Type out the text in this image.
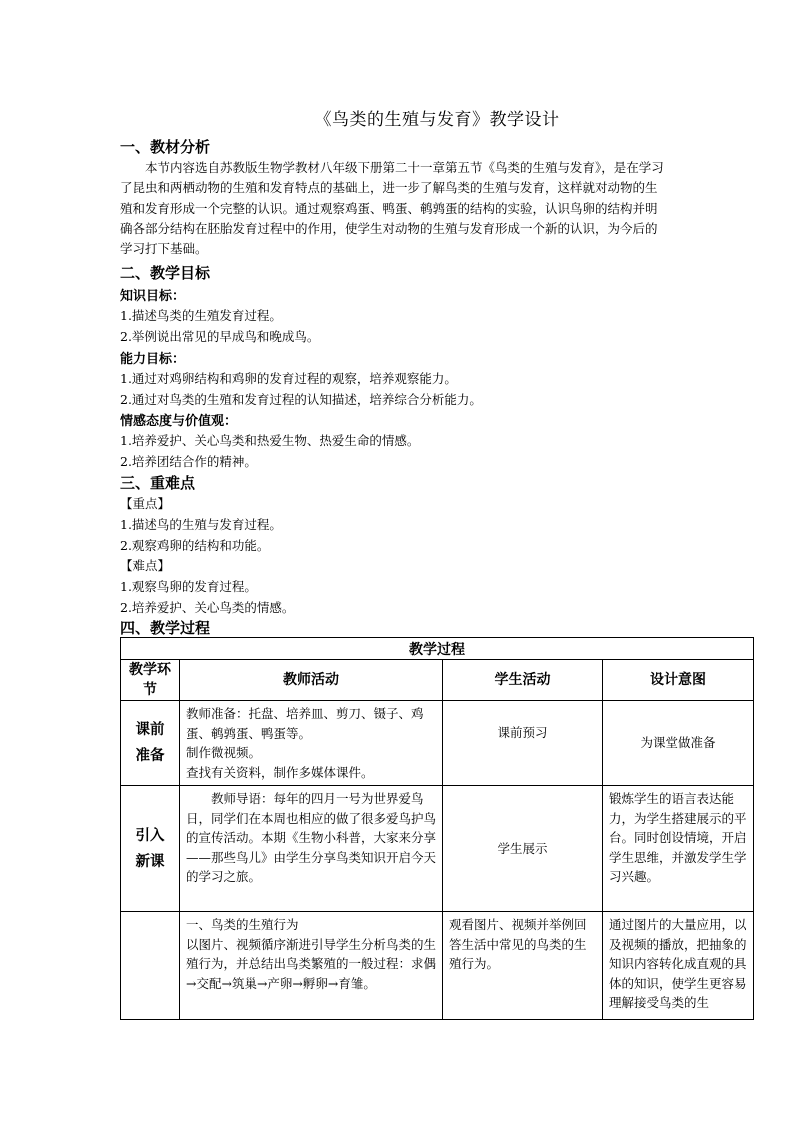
《鸟类的生殖与发育》教学设计
一、教材分析
本节内容选自苏教版生物学教材八年级下册第二十一章第五节《鸟类的生殖与发育》，是在学习了昆虫和两栖动物的生殖和发育特点的基础上，进一步了解鸟类的生殖与发育，这样就对动物的生殖和发育形成一个完整的认识。通过观察鸡蛋、鸭蛋、鹌鹑蛋的结构的实验，认识鸟卵的结构并明确各部分结构在胚胎发育过程中的作用，使学生对动物的生殖与发育形成一个新的认识，为今后的学习打下基础。
二、教学目标
知识目标：
1.描述鸟类的生殖发育过程。
2.举例说出常见的早成鸟和晚成鸟。
能力目标：
1.通过对鸡卵结构和鸡卵的发育过程的观察，培养观察能力。
2.通过对鸟类的生殖和发育过程的认知描述，培养综合分析能力。
情感态度与价值观：
1.培养爱护、关心鸟类和热爱生物、热爱生命的情感。
2.培养团结合作的精神。
三、重难点
【重点】
1.描述鸟的生殖与发育过程。
2.观察鸡卵的结构和功能。
【难点】
1.观察鸟卵的发育过程。
2.培养爱护、关心鸟类的情感。
四、教学过程
教学过程			
教学环节	教师活动	学生活动	设计意图
课前准备	教师准备：托盘、培养皿、剪刀、镊子、鸡蛋、鹌鹑蛋、鸭蛋等。
制作微视频。
查找有关资料，制作多媒体课件。	课前预习	为课堂做准备
引入新课	教师导语：每年的四月一号为世界爱鸟日，同学们在本周也相应的做了很多爱鸟护鸟的宣传活动。本期《生物小科普，大家来分享——那些鸟儿》由学生分享鸟类知识开启今天的学习之旅。	学生展示	锻炼学生的语言表达能力，为学生搭建展示的平台。同时创设情境，开启学生思维，并激发学生学习兴趣。

	一、鸟类的生殖行为
以图片、视频循序渐进引导学生分析鸟类的生殖行为，并总结出鸟类繁殖的一般过程：求偶→交配→筑巢→产卵→孵卵→育雏。	观看图片、视频并举例回答生活中常见的鸟类的生殖行为。	通过图片的大量应用，以及视频的播放，把抽象的知识内容转化成直观的具体的知识，使学生更容易理解接受鸟类的生
